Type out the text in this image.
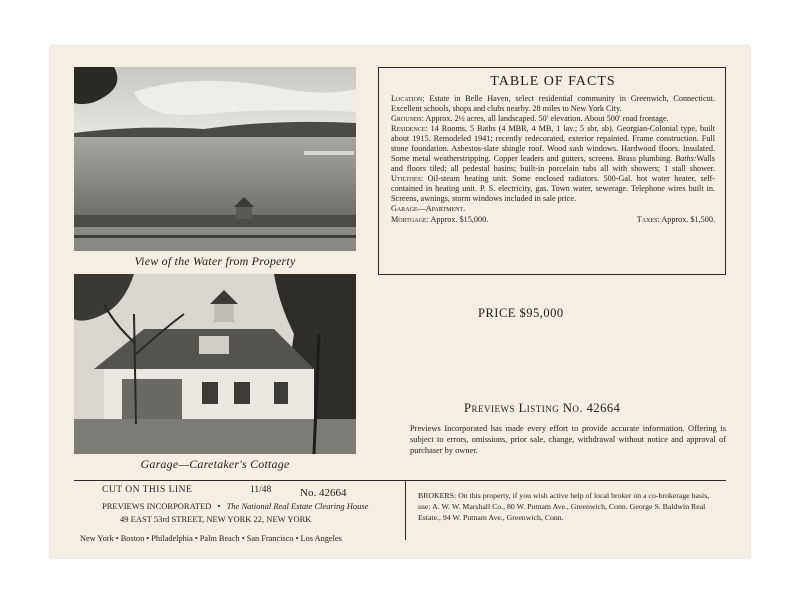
View of the Water from Property
Garage—Caretaker's Cottage
TABLE OF FACTS

Location: Estate in Belle Haven, select residential community in Greenwich, Connecticut. Excellent schools, shops and clubs nearby. 28 miles to New York City.

Grounds: Approx. 2½ acres, all landscaped. 50′ elevation. About 500′ road frontage.

Residence: 14 Rooms, 5 Baths (4 MBR, 4 MB, 1 lav.; 5 sbr, sb). Georgian-Colonial type, built about 1915. Remodeled 1941; recently redecorated, exterior repainted. Frame construction. Full stone foundation. Asbestos-slate shingle roof. Wood sash windows. Hardwood floors. Insulated. Some metal weatherstripping. Copper leaders and gutters, screens. Brass plumbing. Baths:Walls and floors tiled; all pedestal basins; built-in porcelain tubs all with showers; 1 stall shower. Utilities: Oil-steam heating unit. Some enclosed radiators. 500-Gal. hot water heater, self-contained in heating unit. P. S. electricity, gas. Town water, sewerage. Telephone wires built in. Screens, awnings, storm windows included in sale price.

Garage—Apartment.

Mortgage: Approx. $15,000.	Taxes: Approx. $1,500.
PRICE $95,000
Previews Listing No. 42664
Previews Incorporated has made every effort to provide accurate information. Offering is subject to errors, omissions, prior sale, change, withdrawal without notice and approval of purchaser by owner.
CUT ON THIS LINE	11/48	No. 42664
PREVIEWS INCORPORATED • The National Real Estate Clearing House
49 EAST 53rd STREET, NEW YORK 22, NEW YORK
New York • Boston • Philadelphia • Palm Beach • San Francisco • Los Angeles
BROKERS: On this property, if you wish active help of local broker on a co-brokerage basis, use: A. W. W. Marshall Co., 80 W. Putnam Ave., Greenwich, Conn. George S. Baldwin Real Estate., 94 W. Putnam Ave., Greenwich, Conn.
